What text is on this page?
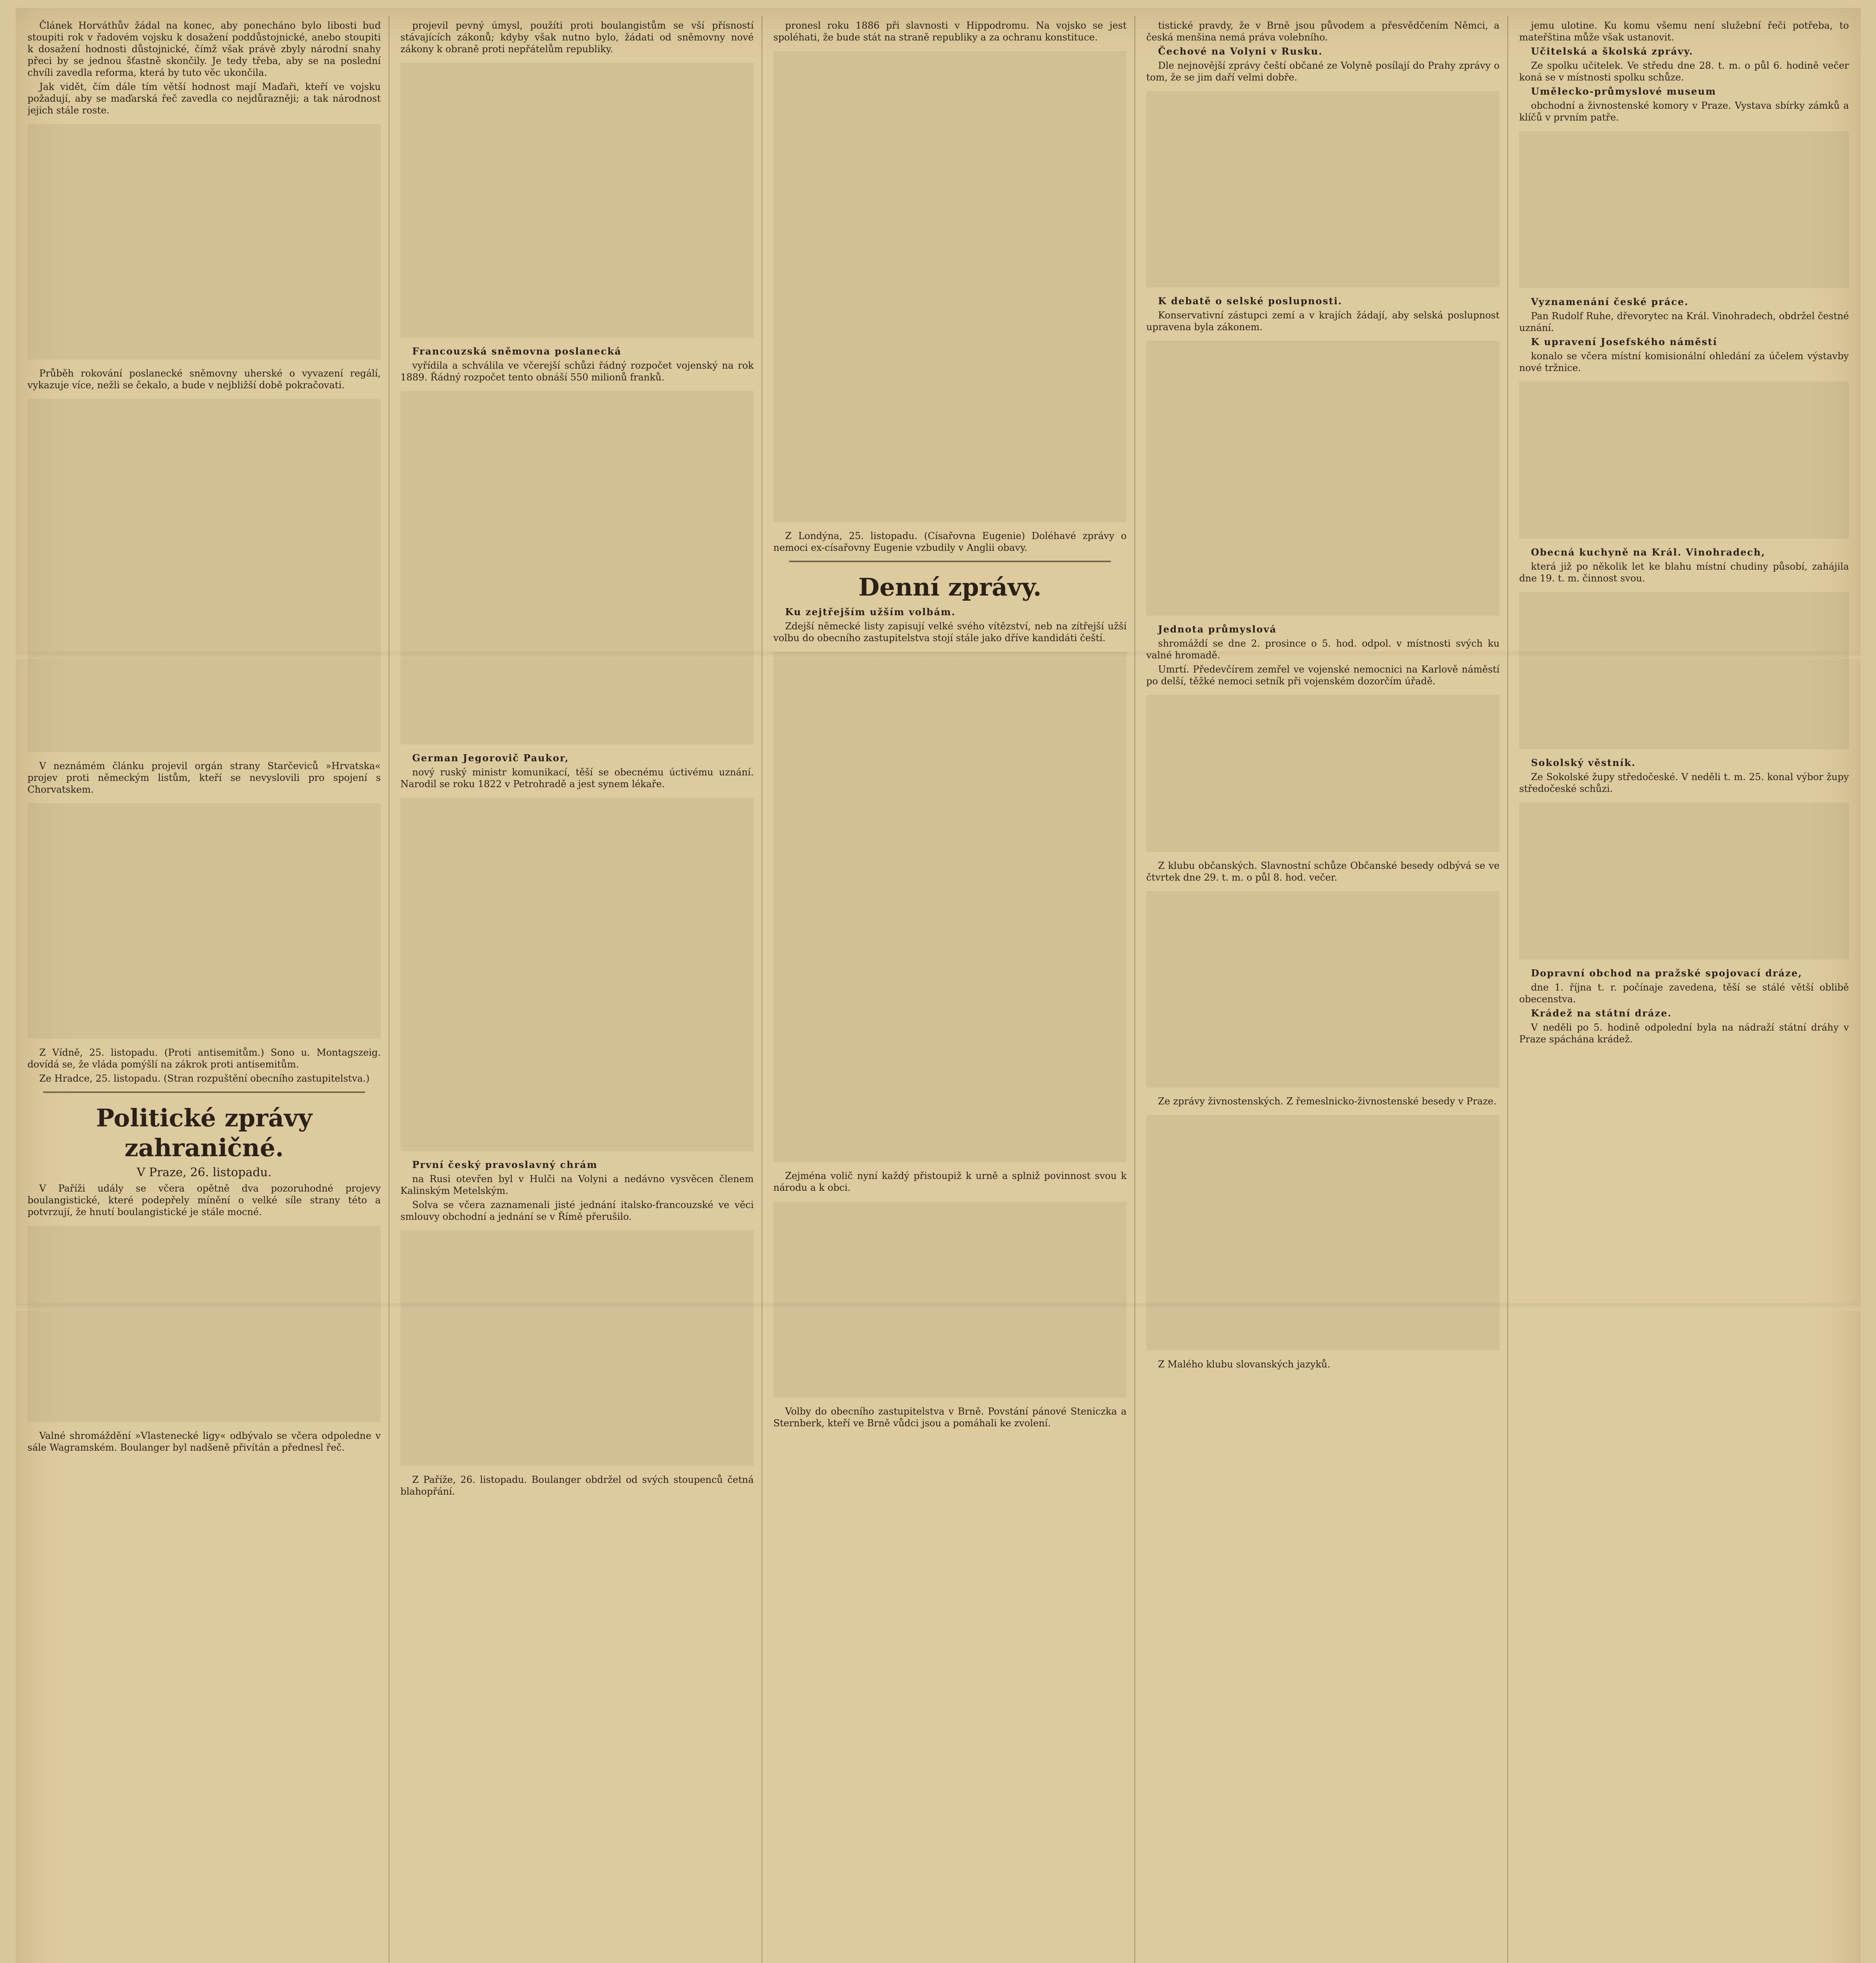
Článek Horváthův žádal na konec, aby ponecháno bylo libosti buď stoupiti rok v řadovém vojsku k dosažení poddůstojnické, anebo stoupiti k dosažení hodnosti důstojnické, čímž však právě zbyly národní snahy přeci by se jednou šťastně skončily. Je tedy třeba, aby se na poslední chvíli zavedla reforma, která by tuto věc ukončila.

Jak vidět, čím dále tím větší hodnost mají Maďaři, kteří ve vojsku požadují, aby se maďarská řeč zavedla co nejdůrazněji; a tak národnost jejich stále roste.

Průběh rokování poslanecké sněmovny uherské o vyvazení regálí, vykazuje více, nežli se čekalo, a bude v nejbližší době pokračovati.

V neznámém článku projevil orgán strany Starčeviců »Hrvatska« projev proti německým listům, kteří se nevyslovili pro spojení s Chorvatskem.

Z Vídně, 25. listopadu. (Proti antisemitům.) Sono u. Montagszeig. dovídá se, že vláda pomýšlí na zákrok proti antisemitům.

Ze Hradce, 25. listopadu. (Stran rozpuštění obecního zastupitelstva.)

Politické zprávy zahraničné.
V Praze, 26. listopadu.

V Paříži udály se včera opětně dva pozoruhodné projevy boulangistické, které podepřely mínění o velké síle strany této a potvrzují, že hnutí boulangistické je stále mocné.

Valné shromáždění »Vlastenecké ligy« odbývalo se včera odpoledne v sále Wagramském. Boulanger byl nadšeně přivítán a přednesl řeč.

projevil pevný úmysl, použíti proti boulangistům se vší přísností stávajících zákonů; kdyby však nutno bylo, žádati od sněmovny nové zákony k obraně proti nepřátelům republiky.

Francouzská sněmovna poslanecká

vyřídila a schválila ve včerejší schůzi řádný rozpočet vojenský na rok 1889. Řádný rozpočet tento obnáší 550 milionů franků.

German Jegorovič Paukor,

nový ruský ministr komunikací, těší se obecnému úctivému uznání. Narodil se roku 1822 v Petrohradě a jest synem lékaře.

První český pravoslavný chrám

na Rusi otevřen byl v Hulči na Volyni a nedávno vysvěcen členem Kalinským Metelským.

Solva se včera zaznamenali jisté jednání italsko-francouzské ve věci smlouvy obchodní a jednání se v Římě přerušilo.

Z Paříže, 26. listopadu. Boulanger obdržel od svých stoupenců četná blahopřání.

pronesl roku 1886 při slavnosti v Hippodromu. Na vojsko se jest spoléhati, že bude stát na straně republiky a za ochranu konstituce.

Z Londýna, 25. listopadu. (Císařovna Eugenie) Doléhavé zprávy o nemoci ex-císařovny Eugenie vzbudily v Anglii obavy.

Denní zprávy.

Ku zejtřejším užším volbám.

Zdejší německé listy zapisují velké svého vítězství, neb na zítřejší užší volbu do obecního zastupitelstva stojí stále jako dříve kandidáti čeští.

Zejména volič nyní každý přistoupiž k urně a splniž povinnost svou k národu a k obci.

Volby do obecního zastupitelstva v Brně. Povstání pánové Steniczka a Sternberk, kteří ve Brně vůdci jsou a pomáhali ke zvolení.

tistické pravdy, že v Brně jsou původem a přesvědčením Němci, a česká menšina nemá práva volebního.

Čechové na Volyni v Rusku.

Dle nejnovější zprávy čeští občané ze Volyně posílají do Prahy zprávy o tom, že se jim daří velmi dobře.

K debatě o selské poslupnosti.

Konservativní zástupci zemí a v krajích žádají, aby selská poslupnost upravena byla zákonem.

Jednota průmyslová

shromáždí se dne 2. prosince o 5. hod. odpol. v místnosti svých ku valné hromadě.

Umrtí. Předevčírem zemřel ve vojenské nemocnici na Karlově náměstí po delší, těžké nemoci setník při vojenském dozorčím úřadě.

Z klubu občanských. Slavnostní schůze Občanské besedy odbývá se ve čtvrtek dne 29. t. m. o půl 8. hod. večer.

Ze zprávy živnostenských. Z řemeslnicko-živnostenské besedy v Praze.

Z Malého klubu slovanských jazyků.

jemu ulotine. Ku komu všemu není služební řeči potřeba, to mateřština může však ustanovit.

Učitelská a školská zprávy.

Ze spolku učitelek. Ve středu dne 28. t. m. o půl 6. hodině večer koná se v místnosti spolku schůze.

Umělecko-průmyslové museum

obchodní a živnostenské komory v Praze. Vystava sbírky zámků a klíčů v prvním patře.

Vyznamenání české práce.

Pan Rudolf Ruhe, dřevorytec na Král. Vinohradech, obdržel čestné uznání.

K upravení Josefského náměstí

konalo se včera místní komisionální ohledání za účelem výstavby nové tržnice.

Obecná kuchyně na Král. Vinohradech,

která již po několik let ke blahu místní chudiny působí, zahájila dne 19. t. m. činnost svou.

Sokolský věstník.

Ze Sokolské župy středočeské. V neděli t. m. 25. konal výbor župy středočeské schůzi.

Dopravní obchod na pražské spojovací dráze,

dne 1. října t. r. počínaje zavedena, těší se stálé větší oblibě obecenstva.

Krádež na státní dráze.

V neděli po 5. hodině odpolední byla na nádraží státní dráhy v Praze spáchána krádež.
